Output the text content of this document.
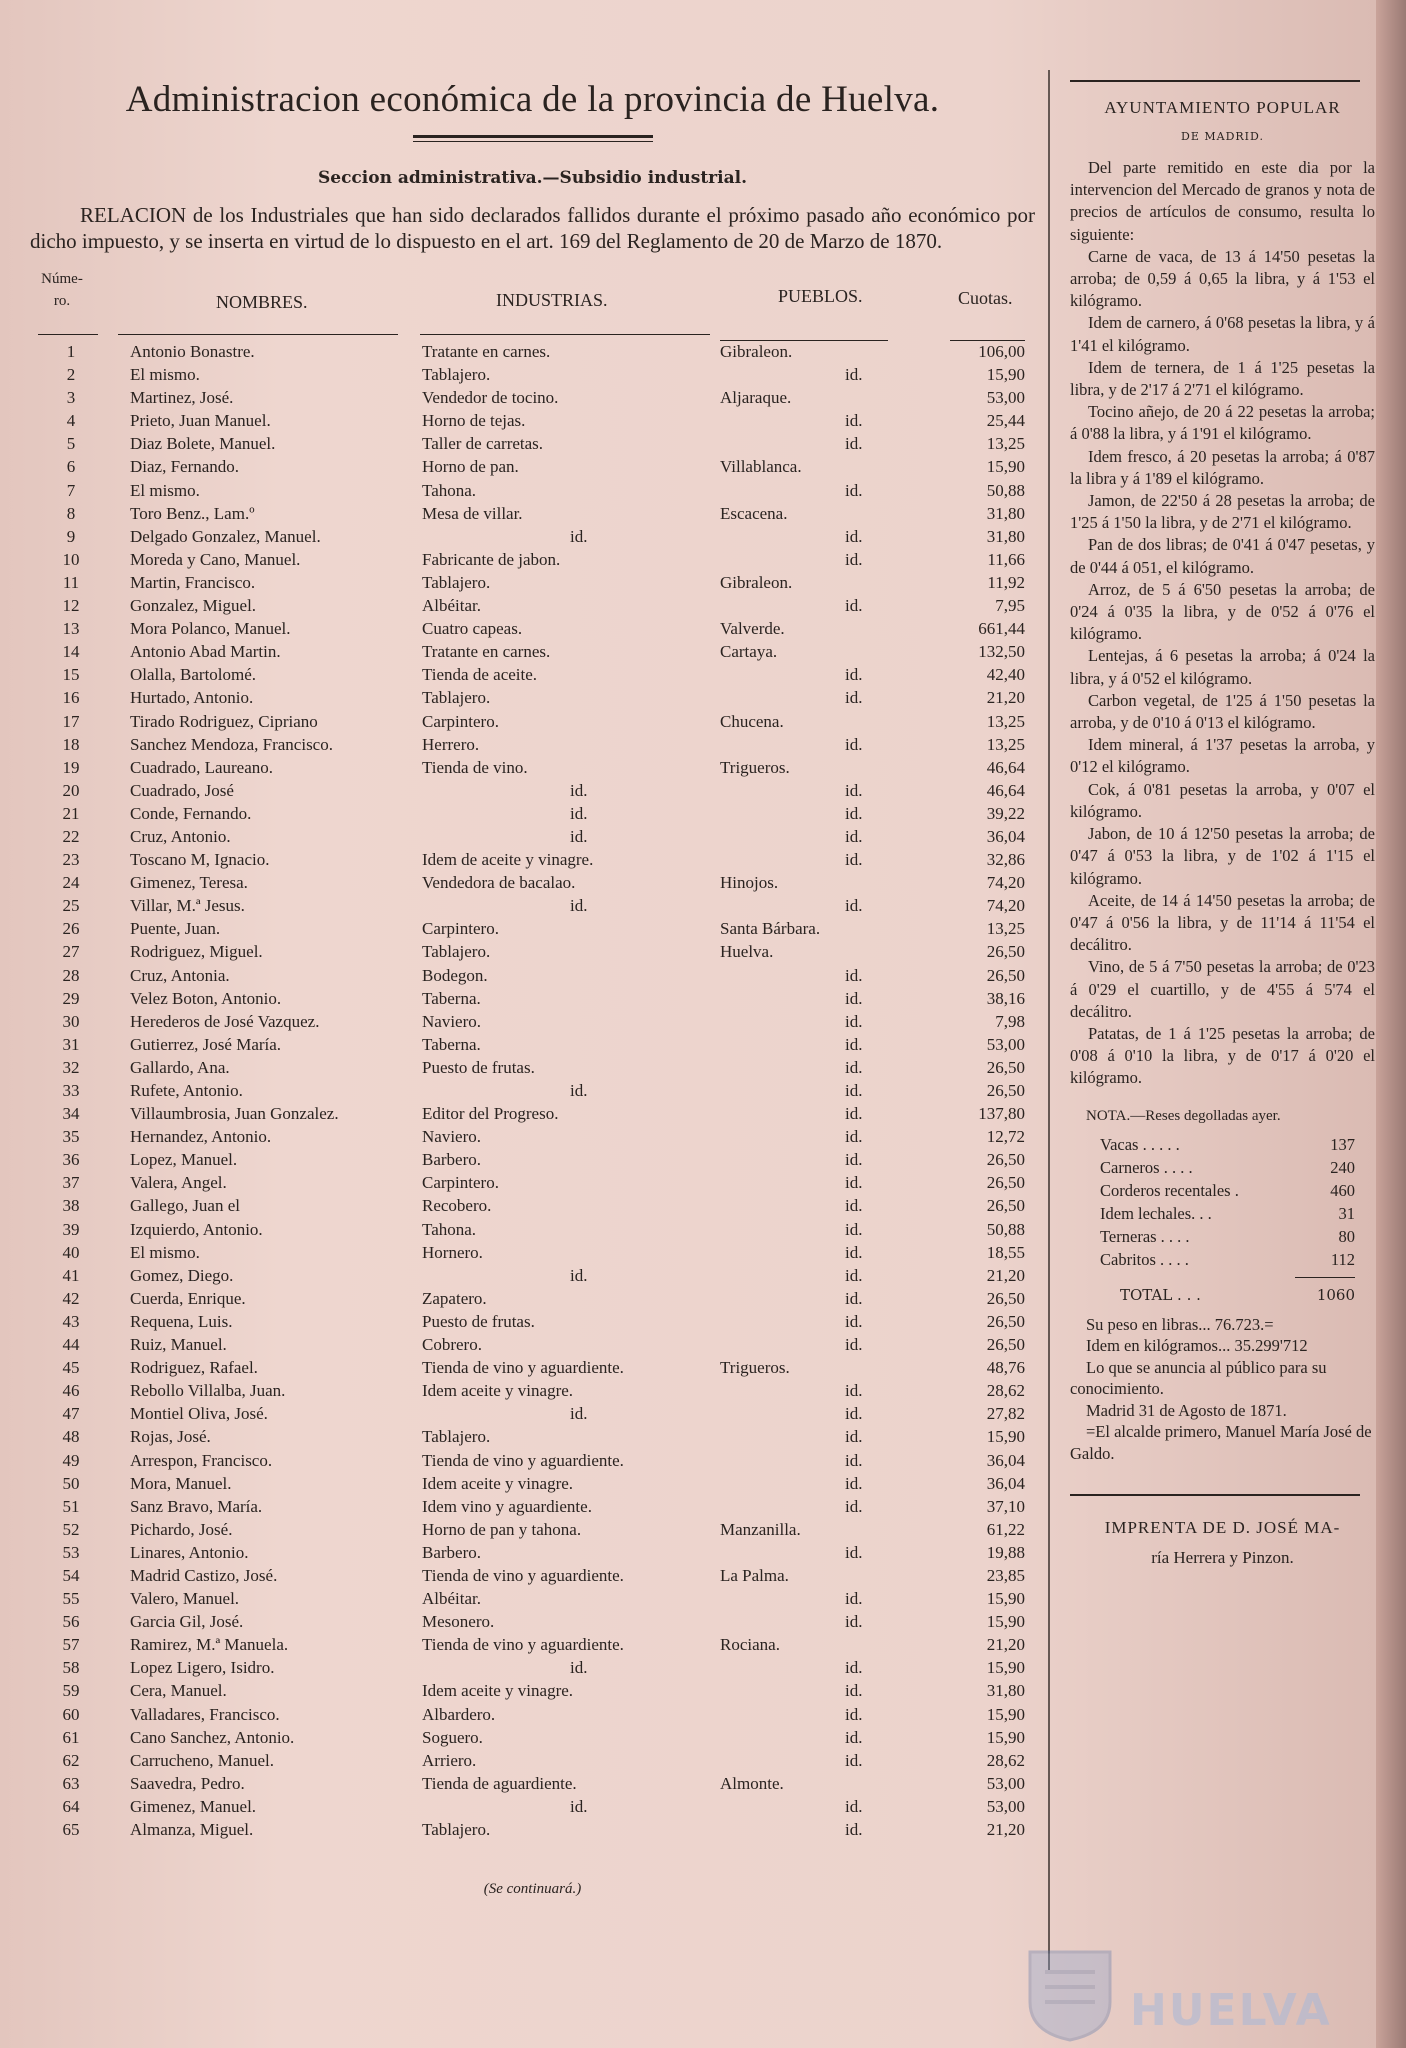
Administracion económica de la provincia de Huelva.
Seccion administrativa.—Subsidio industrial.

RELACION de los Industriales que han sido declarados fallidos durante el próximo pasado año económico por dicho impuesto, y se inserta en virtud de lo dispuesto en el art. 169 del Reglamento de 20 de Marzo de 1870.

Núme-ro.	NOMBRES.	INDUSTRIAS.	PUEBLOS.	Cuotas.
1	Antonio Bonastre.	Tratante en carnes.	Gibraleon.	106,00
2	El mismo.	Tablajero.	id.	15,90
3	Martinez, José.	Vendedor de tocino.	Aljaraque.	53,00
4	Prieto, Juan Manuel.	Horno de tejas.	id.	25,44
5	Diaz Bolete, Manuel.	Taller de carretas.	id.	13,25
6	Diaz, Fernando.	Horno de pan.	Villablanca.	15,90
7	El mismo.	Tahona.	id.	50,88
8	Toro Benz., Lam.º	Mesa de villar.	Escacena.	31,80
9	Delgado Gonzalez, Manuel.	id.	id.	31,80
10	Moreda y Cano, Manuel.	Fabricante de jabon.	id.	11,66
11	Martin, Francisco.	Tablajero.	Gibraleon.	11,92
12	Gonzalez, Miguel.	Albéitar.	id.	7,95
13	Mora Polanco, Manuel.	Cuatro capeas.	Valverde.	661,44
14	Antonio Abad Martin.	Tratante en carnes.	Cartaya.	132,50
15	Olalla, Bartolomé.	Tienda de aceite.	id.	42,40
16	Hurtado, Antonio.	Tablajero.	id.	21,20
17	Tirado Rodriguez, Cipriano	Carpintero.	Chucena.	13,25
18	Sanchez Mendoza, Francisco.	Herrero.	id.	13,25
19	Cuadrado, Laureano.	Tienda de vino.	Trigueros.	46,64
20	Cuadrado, José	id.	id.	46,64
21	Conde, Fernando.	id.	id.	39,22
22	Cruz, Antonio.	id.	id.	36,04
23	Toscano M, Ignacio.	Idem de aceite y vinagre.	id.	32,86
24	Gimenez, Teresa.	Vendedora de bacalao.	Hinojos.	74,20
25	Villar, M.ª Jesus.	id.	id.	74,20
26	Puente, Juan.	Carpintero.	Santa Bárbara.	13,25
27	Rodriguez, Miguel.	Tablajero.	Huelva.	26,50
28	Cruz, Antonia.	Bodegon.	id.	26,50
29	Velez Boton, Antonio.	Taberna.	id.	38,16
30	Herederos de José Vazquez.	Naviero.	id.	7,98
31	Gutierrez, José María.	Taberna.	id.	53,00
32	Gallardo, Ana.	Puesto de frutas.	id.	26,50
33	Rufete, Antonio.	id.	id.	26,50
34	Villaumbrosia, Juan Gonzalez.	Editor del Progreso.	id.	137,80
35	Hernandez, Antonio.	Naviero.	id.	12,72
36	Lopez, Manuel.	Barbero.	id.	26,50
37	Valera, Angel.	Carpintero.	id.	26,50
38	Gallego, Juan el	Recobero.	id.	26,50
39	Izquierdo, Antonio.	Tahona.	id.	50,88
40	El mismo.	Hornero.	id.	18,55
41	Gomez, Diego.	id.	id.	21,20
42	Cuerda, Enrique.	Zapatero.	id.	26,50
43	Requena, Luis.	Puesto de frutas.	id.	26,50
44	Ruiz, Manuel.	Cobrero.	id.	26,50
45	Rodriguez, Rafael.	Tienda de vino y aguardiente.	Trigueros.	48,76
46	Rebollo Villalba, Juan.	Idem aceite y vinagre.	id.	28,62
47	Montiel Oliva, José.	id.	id.	27,82
48	Rojas, José.	Tablajero.	id.	15,90
49	Arrespon, Francisco.	Tienda de vino y aguardiente.	id.	36,04
50	Mora, Manuel.	Idem aceite y vinagre.	id.	36,04
51	Sanz Bravo, María.	Idem vino y aguardiente.	id.	37,10
52	Pichardo, José.	Horno de pan y tahona.	Manzanilla.	61,22
53	Linares, Antonio.	Barbero.	id.	19,88
54	Madrid Castizo, José.	Tienda de vino y aguardiente.	La Palma.	23,85
55	Valero, Manuel.	Albéitar.	id.	15,90
56	Garcia Gil, José.	Mesonero.	id.	15,90
57	Ramirez, M.ª Manuela.	Tienda de vino y aguardiente.	Rociana.	21,20
58	Lopez Ligero, Isidro.	id.	id.	15,90
59	Cera, Manuel.	Idem aceite y vinagre.	id.	31,80
60	Valladares, Francisco.	Albardero.	id.	15,90
61	Cano Sanchez, Antonio.	Soguero.	id.	15,90
62	Carrucheno, Manuel.	Arriero.	id.	28,62
63	Saavedra, Pedro.	Tienda de aguardiente.	Almonte.	53,00
64	Gimenez, Manuel.	id.	id.	53,00
65	Almanza, Miguel.	Tablajero.	id.	21,20
(Se continuará.)
AYUNTAMIENTO POPULAR
DE MADRID.

Del parte remitido en este dia por la intervencion del Mercado de granos y nota de precios de artículos de consumo, resulta lo siguiente:

Carne de vaca, de 13 á 14'50 pesetas la arroba; de 0,59 á 0,65 la libra, y á 1'53 el kilógramo.

Idem de carnero, á 0'68 pesetas la libra, y á 1'41 el kilógramo.

Idem de ternera, de 1 á 1'25 pesetas la libra, y de 2'17 á 2'71 el kilógramo.

Tocino añejo, de 20 á 22 pesetas la arroba; á 0'88 la libra, y á 1'91 el kilógramo.

Idem fresco, á 20 pesetas la arroba; á 0'87 la libra y á 1'89 el kilógramo.

Jamon, de 22'50 á 28 pesetas la arroba; de 1'25 á 1'50 la libra, y de 2'71 el kilógramo.

Pan de dos libras; de 0'41 á 0'47 pesetas, y de 0'44 á 051, el kilógramo.

Arroz, de 5 á 6'50 pesetas la arroba; de 0'24 á 0'35 la libra, y de 0'52 á 0'76 el kilógramo.

Lentejas, á 6 pesetas la arroba; á 0'24 la libra, y á 0'52 el kilógramo.

Carbon vegetal, de 1'25 á 1'50 pesetas la arroba, y de 0'10 á 0'13 el kilógramo.

Idem mineral, á 1'37 pesetas la arroba, y 0'12 el kilógramo.

Cok, á 0'81 pesetas la arroba, y 0'07 el kilógramo.

Jabon, de 10 á 12'50 pesetas la arroba; de 0'47 á 0'53 la libra, y de 1'02 á 1'15 el kilógramo.

Aceite, de 14 á 14'50 pesetas la arroba; de 0'47 á 0'56 la libra, y de 11'14 á 11'54 el decálitro.

Vino, de 5 á 7'50 pesetas la arroba; de 0'23 á 0'29 el cuartillo, y de 4'55 á 5'74 el decálitro.

Patatas, de 1 á 1'25 pesetas la arroba; de 0'08 á 0'10 la libra, y de 0'17 á 0'20 el kilógramo.

NOTA.—Reses degolladas ayer.
Vacas . . . . .	137
Carneros . . . .	240
Corderos recentales .	460
Idem lechales. . .	31
Terneras . . . .	80
Cabritos . . . .	112
TOTAL . . .	1060

Su peso en libras... 76.723.=

Idem en kilógramos... 35.299'712

Lo que se anuncia al público para su conocimiento.

Madrid 31 de Agosto de 1871.

=El alcalde primero, Manuel María José de Galdo.

IMPRENTA DE D. JOSÉ MA-
ría Herrera y Pinzon.
HUELVA
